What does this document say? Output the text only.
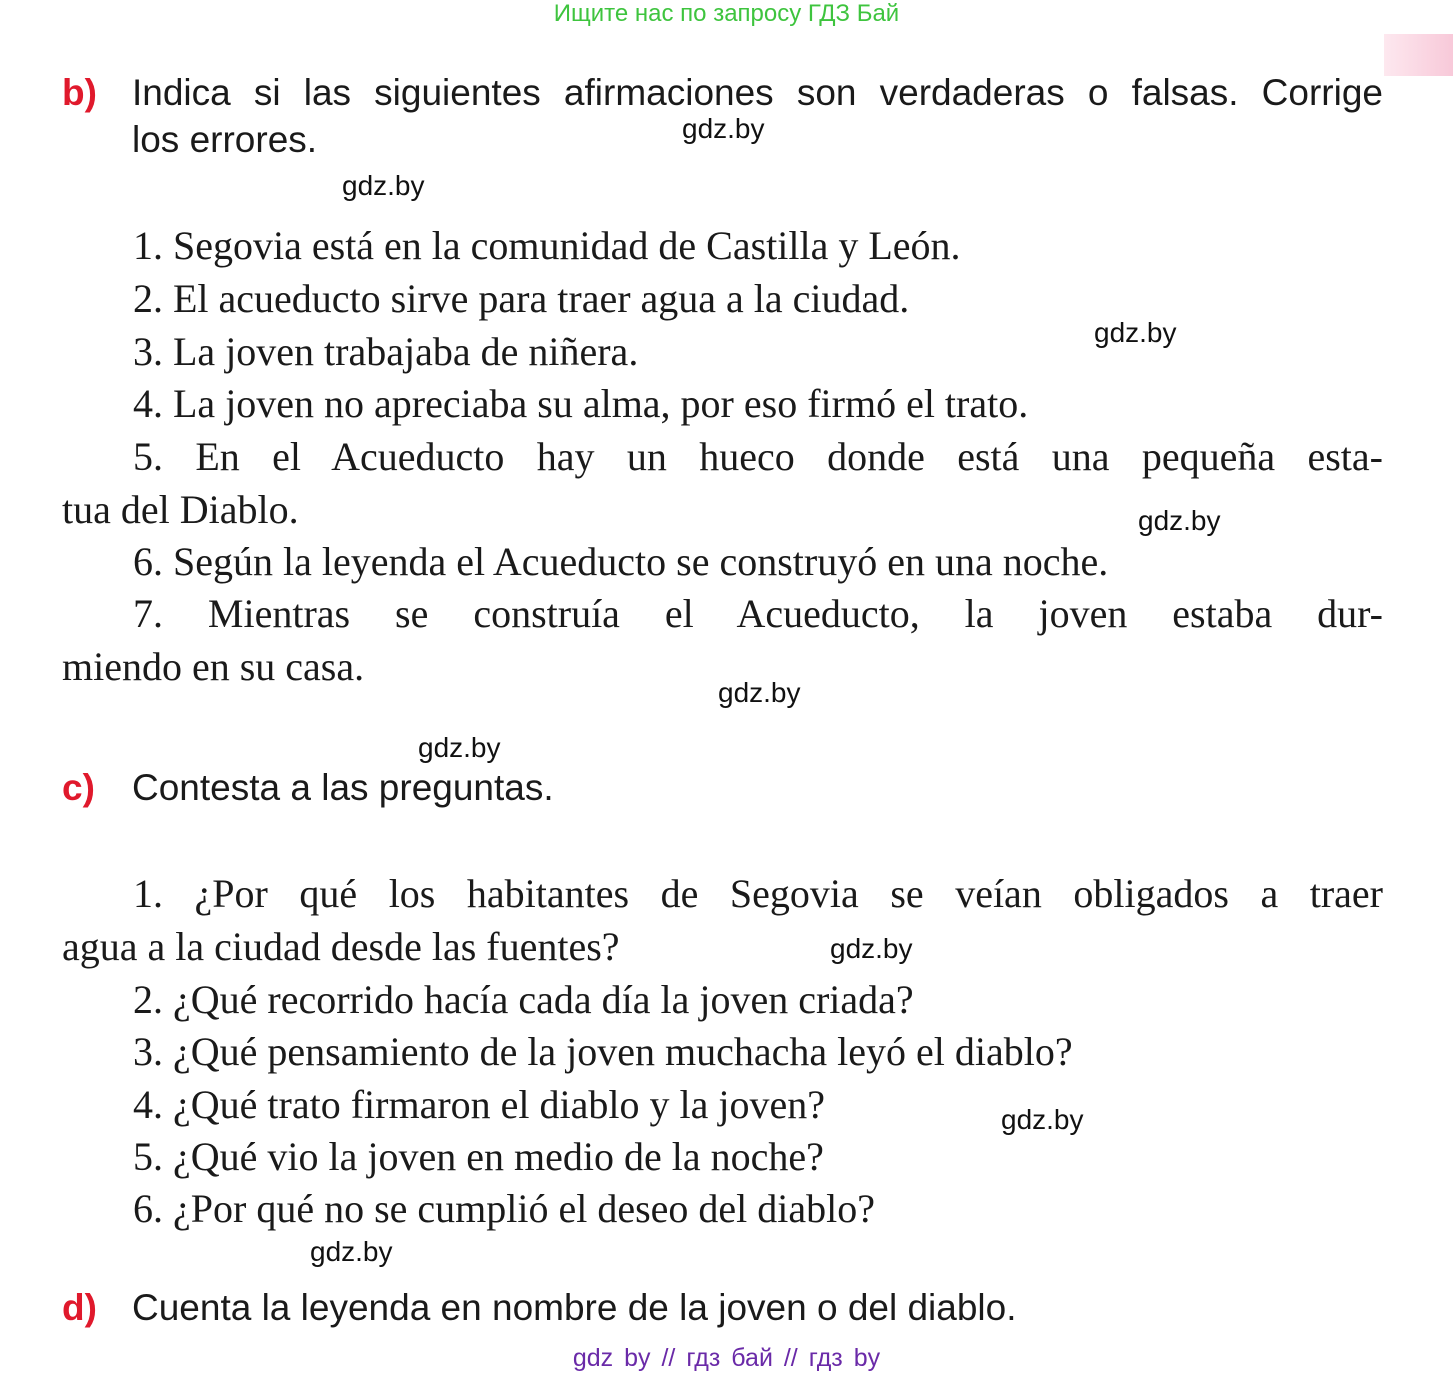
Ищите нас по запросу ГДЗ Бай
b) Indica si las siguientes afirmaciones son verdaderas o falsas. Corrige
los errores.
1. Segovia está en la comunidad de Castilla y León.
2. El acueducto sirve para traer agua a la ciudad.
3. La joven trabajaba de niñera.
4. La joven no apreciaba su alma, por eso firmó el trato.
5. En el Acueducto hay un hueco donde está una pequeña esta-
tua del Diablo.
6. Según la leyenda el Acueducto se construyó en una noche.
7. Mientras se construía el Acueducto, la joven estaba dur-
miendo en su casa.
c) Contesta a las preguntas.
1. ¿Por qué los habitantes de Segovia se veían obligados a traer
agua a la ciudad desde las fuentes?
2. ¿Qué recorrido hacía cada día la joven criada?
3. ¿Qué pensamiento de la joven muchacha leyó el diablo?
4. ¿Qué trato firmaron el diablo y la joven?
5. ¿Qué vio la joven en medio de la noche?
6. ¿Por qué no se cumplió el deseo del diablo?
d) Cuenta la leyenda en nombre de la joven o del diablo.
gdz.by
gdz.by
gdz.by
gdz.by
gdz.by
gdz.by
gdz.by
gdz.by
gdz.by
gdz by // гдз бай // гдз by
